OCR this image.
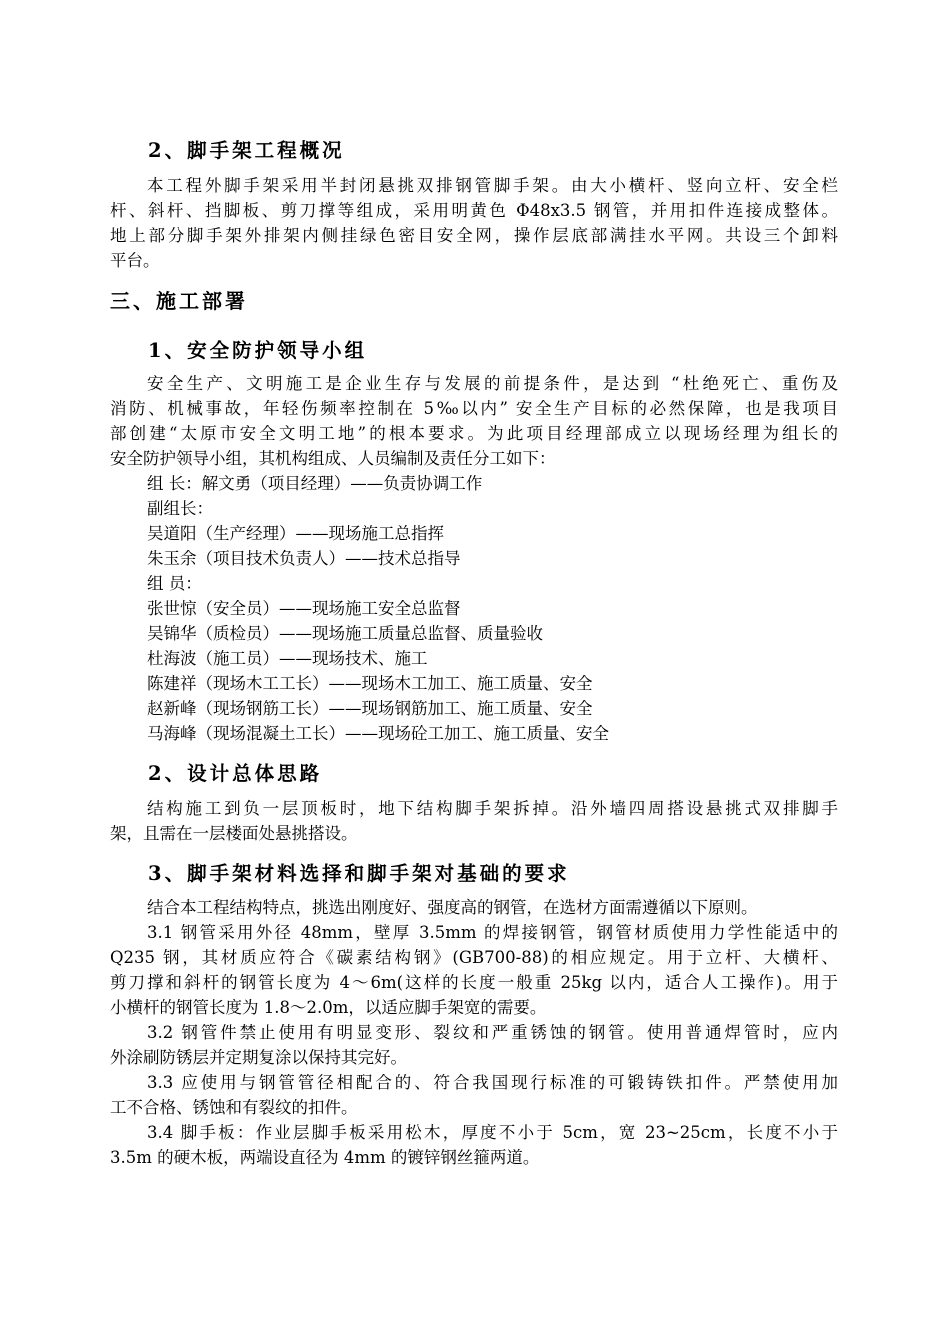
2、脚手架工程概况
本工程外脚手架采用半封闭悬挑双排钢管脚手架。由大小横杆、竖向立杆、安全栏
杆、斜杆、挡脚板、剪刀撑等组成，采用明黄色 Φ48x3.5 钢管，并用扣件连接成整体。
地上部分脚手架外排架内侧挂绿色密目安全网，操作层底部满挂水平网。共设三个卸料
平台。
三、施工部署
1、安全防护领导小组
安全生产、文明施工是企业生存与发展的前提条件，是达到 “杜绝死亡、重伤及
消防、机械事故，年轻伤频率控制在 5‰以内” 安全生产目标的必然保障，也是我项目
部创建“太原市安全文明工地”的根本要求。为此项目经理部成立以现场经理为组长的
安全防护领导小组，其机构组成、人员编制及责任分工如下：
组 长：解文勇（项目经理）——负责协调工作
副组长：
吴道阳（生产经理）——现场施工总指挥
朱玉余（项目技术负责人）——技术总指导
组 员：
张世惊（安全员）——现场施工安全总监督
吴锦华（质检员）——现场施工质量总监督、质量验收
杜海波（施工员）——现场技术、施工
陈建祥（现场木工工长）——现场木工加工、施工质量、安全
赵新峰（现场钢筋工长）——现场钢筋加工、施工质量、安全
马海峰（现场混凝土工长）——现场砼工加工、施工质量、安全
2、设计总体思路
结构施工到负一层顶板时，地下结构脚手架拆掉。沿外墙四周搭设悬挑式双排脚手
架，且需在一层楼面处悬挑搭设。
3、脚手架材料选择和脚手架对基础的要求
结合本工程结构特点，挑选出刚度好、强度高的钢管，在选材方面需遵循以下原则。
3.1 钢管采用外径 48mm，壁厚 3.5mm 的焊接钢管，钢管材质使用力学性能适中的
Q235 钢，其材质应符合《碳素结构钢》(GB700-88)的相应规定。用于立杆、大横杆、
剪刀撑和斜杆的钢管长度为 4～6m(这样的长度一般重 25kg 以内，适合人工操作)。用于
小横杆的钢管长度为 1.8～2.0m，以适应脚手架宽的需要。
3.2 钢管件禁止使用有明显变形、裂纹和严重锈蚀的钢管。使用普通焊管时，应内
外涂刷防锈层并定期复涂以保持其完好。
3.3 应使用与钢管管径相配合的、符合我国现行标准的可锻铸铁扣件。严禁使用加
工不合格、锈蚀和有裂纹的扣件。
3.4 脚手板：作业层脚手板采用松木，厚度不小于 5cm，宽 23~25cm，长度不小于
3.5m 的硬木板，两端设直径为 4mm 的镀锌钢丝箍两道。
